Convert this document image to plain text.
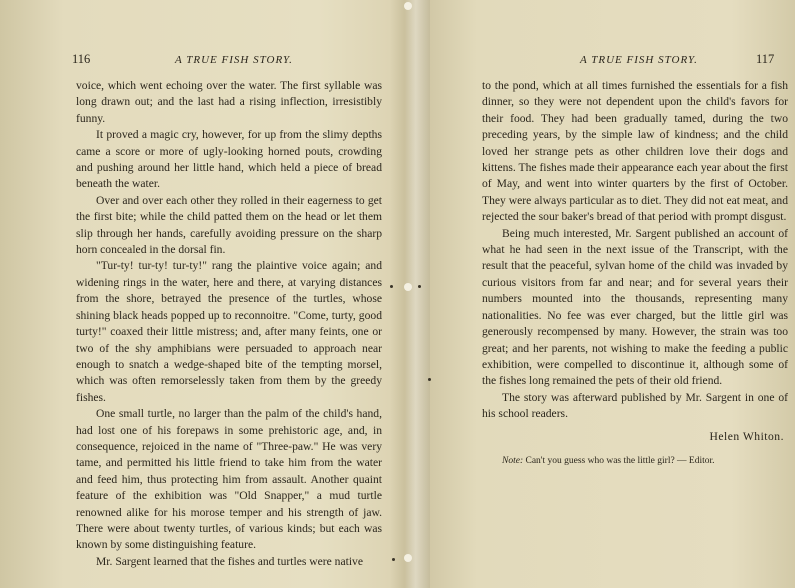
116	A TRUE FISH STORY.

voice, which went echoing over the water. The first syllable was long drawn out; and the last had a rising inflection, irresistibly funny.

It proved a magic cry, however, for up from the slimy depths came a score or more of ugly-looking horned pouts, crowding and pushing around her little hand, which held a piece of bread beneath the water.

Over and over each other they rolled in their eagerness to get the first bite; while the child patted them on the head or let them slip through her hands, carefully avoiding pressure on the sharp horn concealed in the dorsal fin.

"Tur-ty! tur-ty! tur-ty!" rang the plaintive voice again; and widening rings in the water, here and there, at varying distances from the shore, betrayed the presence of the turtles, whose shining black heads popped up to reconnoitre. "Come, turty, good turty!" coaxed their little mistress; and, after many feints, one or two of the shy amphibians were persuaded to approach near enough to snatch a wedge-shaped bite of the tempting morsel, which was often remorselessly taken from them by the greedy fishes.

One small turtle, no larger than the palm of the child's hand, had lost one of his forepaws in some prehistoric age, and, in consequence, rejoiced in the name of "Three-paw." He was very tame, and permitted his little friend to take him from the water and feed him, thus protecting him from assault. Another quaint feature of the exhibition was "Old Snapper," a mud turtle renowned alike for his morose temper and his strength of jaw. There were about twenty turtles, of various kinds; but each was known by some distinguishing feature.

Mr. Sargent learned that the fishes and turtles were native

A TRUE FISH STORY.	117

to the pond, which at all times furnished the essentials for a fish dinner, so they were not dependent upon the child's favors for their food. They had been gradually tamed, during the two preceding years, by the simple law of kindness; and the child loved her strange pets as other children love their dogs and kittens. The fishes made their appearance each year about the first of May, and went into winter quarters by the first of October. They were always particular as to diet. They did not eat meat, and rejected the sour baker's bread of that period with prompt disgust.

Being much interested, Mr. Sargent published an account of what he had seen in the next issue of the Transcript, with the result that the peaceful, sylvan home of the child was invaded by curious visitors from far and near; and for several years their numbers mounted into the thousands, representing many nationalities. No fee was ever charged, but the little girl was generously recompensed by many. However, the strain was too great; and her parents, not wishing to make the feeding a public exhibition, were compelled to discontinue it, although some of the fishes long remained the pets of their old friend.

The story was afterward published by Mr. Sargent in one of his school readers.

Helen Whiton.
Note: Can't you guess who was the little girl? — Editor.
